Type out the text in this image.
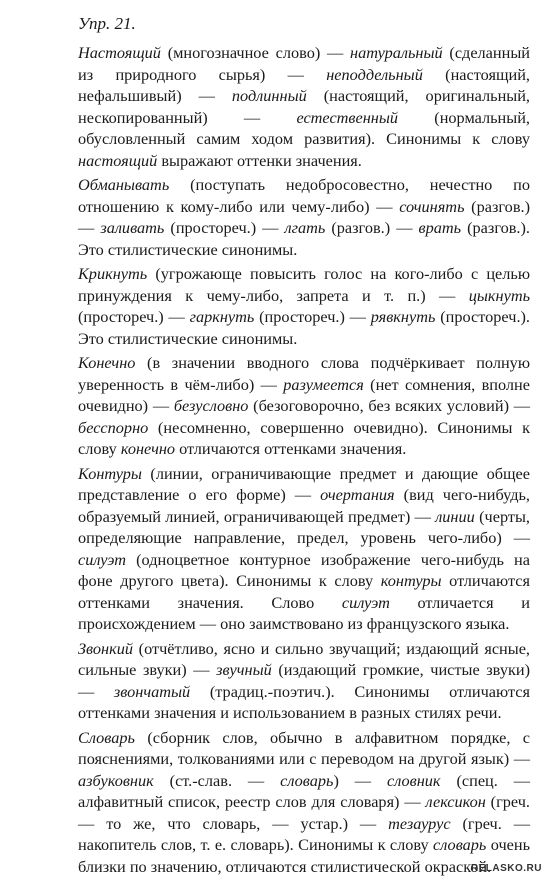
Упр. 21.

Настоящий (многозначное слово) — натуральный (сделанный из природного сырья) — неподдельный (настоящий, нефальшивый) — подлинный (настоящий, оригинальный, нескопированный) — естественный (нормальный, обусловленный самим ходом развития). Синонимы к слову настоящий выражают оттенки значения.

Обманывать (поступать недобросовестно, нечестно по отношению к кому-либо или чему-либо) — сочинять (разгов.) — заливать (простореч.) — лгать (разгов.) — врать (разгов.). Это стилистические синонимы.

Крикнуть (угрожающе повысить голос на кого-либо с целью принуждения к чему-либо, запрета и т. п.) — цыкнуть (простореч.) — гаркнуть (простореч.) — рявкнуть (простореч.). Это стилистические синонимы.

Конечно (в значении вводного слова подчёркивает полную уверенность в чём-либо) — разумеется (нет сомнения, вполне очевидно) — безусловно (безоговорочно, без всяких условий) — бесспорно (несомненно, совершенно очевидно). Синонимы к слову конечно отличаются оттенками значения.

Контуры (линии, ограничивающие предмет и дающие общее представление о его форме) — очертания (вид чего-нибудь, образуемый линией, ограничивающей предмет) — линии (черты, определяющие направление, предел, уровень чего-либо) — силуэт (одноцветное контурное изображение чего-нибудь на фоне другого цвета). Синонимы к слову контуры отличаются оттенками значения. Слово силуэт отличается и происхождением — оно заимствовано из французского языка.

Звонкий (отчётливо, ясно и сильно звучащий; издающий ясные, сильные звуки) — звучный (издающий громкие, чистые звуки) — звончатый (традиц.-поэтич.). Синонимы отличаются оттенками значения и использованием в разных стилях речи.

Словарь (сборник слов, обычно в алфавитном порядке, с пояснениями, толкованиями или с переводом на другой язык) — азбуковник (ст.-слав. — словарь) — словник (спец. — алфавитный список, реестр слов для словаря) — лексикон (греч. — то же, что словарь, — устар.) — тезаурус (греч. — накопитель слов, т. е. словарь). Синонимы к слову словарь очень близки по значению, отличаются стилистической окраской.

RELASKO.RU
